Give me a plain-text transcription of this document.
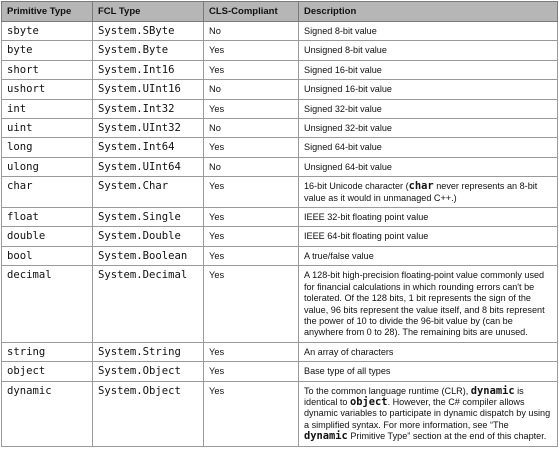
Primitive Type	FCL Type	CLS-Compliant	Description
sbyte	System.SByte	No	Signed 8-bit value
byte	System.Byte	Yes	Unsigned 8-bit value
short	System.Int16	Yes	Signed 16-bit value
ushort	System.UInt16	No	Unsigned 16-bit value
int	System.Int32	Yes	Signed 32-bit value
uint	System.UInt32	No	Unsigned 32-bit value
long	System.Int64	Yes	Signed 64-bit value
ulong	System.UInt64	No	Unsigned 64-bit value
char	System.Char	Yes	16-bit Unicode character (char never represents an 8-bit value as it would in unmanaged C++.)
float	System.Single	Yes	IEEE 32-bit floating point value
double	System.Double	Yes	IEEE 64-bit floating point value
bool	System.Boolean	Yes	A true/false value
decimal	System.Decimal	Yes	A 128-bit high-precision floating-point value commonly used for financial calculations in which rounding errors can't be tolerated. Of the 128 bits, 1 bit represents the sign of the value, 96 bits represent the value itself, and 8 bits represent the power of 10 to divide the 96-bit value by (can be anywhere from 0 to 28). The remaining bits are unused.
string	System.String	Yes	An array of characters
object	System.Object	Yes	Base type of all types
dynamic	System.Object	Yes	To the common language runtime (CLR), dynamic is identical to object. However, the C# compiler allows dynamic variables to participate in dynamic dispatch by using a simplified syntax. For more information, see “The dynamic Primitive Type” section at the end of this chapter.
